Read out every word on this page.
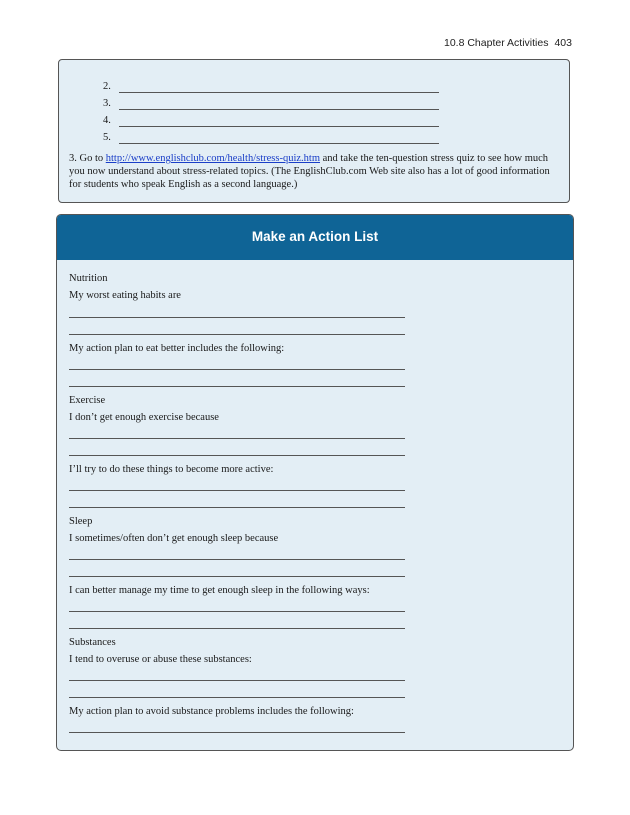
10.8 Chapter Activities 403
2.
3.
4.
5.
3. Go to http://www.englishclub.com/health/stress-quiz.htm and take the ten-question stress quiz to see how much you now understand about stress-related topics. (The EnglishClub.com Web site also has a lot of good information for students who speak English as a second language.)
Make an Action List
Nutrition
My worst eating habits are
My action plan to eat better includes the following:
Exercise
I don’t get enough exercise because
I’ll try to do these things to become more active:
Sleep
I sometimes/often don’t get enough sleep because
I can better manage my time to get enough sleep in the following ways:
Substances
I tend to overuse or abuse these substances:
My action plan to avoid substance problems includes the following:
